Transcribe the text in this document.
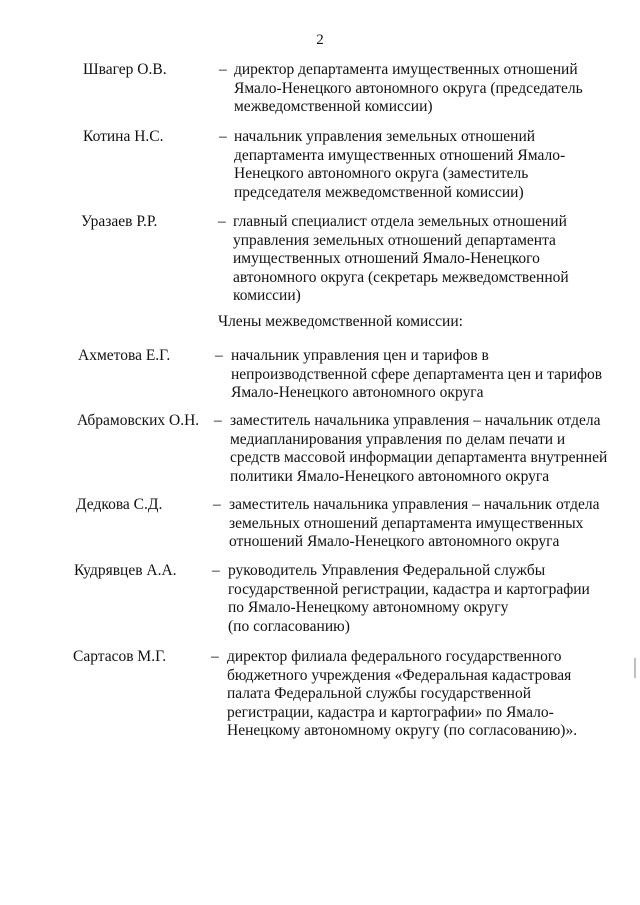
2
Швагер О.В.	– директор департамента имущественных отношений
Ямало-Ненецкого автономного округа (председатель
межведомственной комиссии)
Котина Н.С.	– начальник управления земельных отношений
департамента имущественных отношений Ямало-
Ненецкого автономного округа (заместитель
председателя межведомственной комиссии)
Уразаев Р.Р.	– главный специалист отдела земельных отношений
управления земельных отношений департамента
имущественных отношений Ямало-Ненецкого
автономного округа (секретарь межведомственной
комиссии)
Ахметова Е.Г.	– начальник управления цен и тарифов в
непроизводственной сфере департамента цен и тарифов
Ямало-Ненецкого автономного округа
Абрамовских О.Н. – заместитель начальника управления – начальник отдела
медиапланирования управления по делам печати и
средств массовой информации департамента внутренней
политики Ямало-Ненецкого автономного округа
Дедкова С.Д.	– заместитель начальника управления – начальник отдела
земельных отношений департамента имущественных
отношений Ямало-Ненецкого автономного округа
Кудрявцев А.А. – руководитель Управления Федеральной службы
государственной регистрации, кадастра и картографии
по Ямало-Ненецкому автономному округу
(по согласованию)
Сартасов М.Г.	– директор филиала федерального государственного
бюджетного учреждения «Федеральная кадастровая
палата Федеральной службы государственной
регистрации, кадастра и картографии» по Ямало-
Ненецкому автономному округу (по согласованию)».
Члены межведомственной комиссии:
